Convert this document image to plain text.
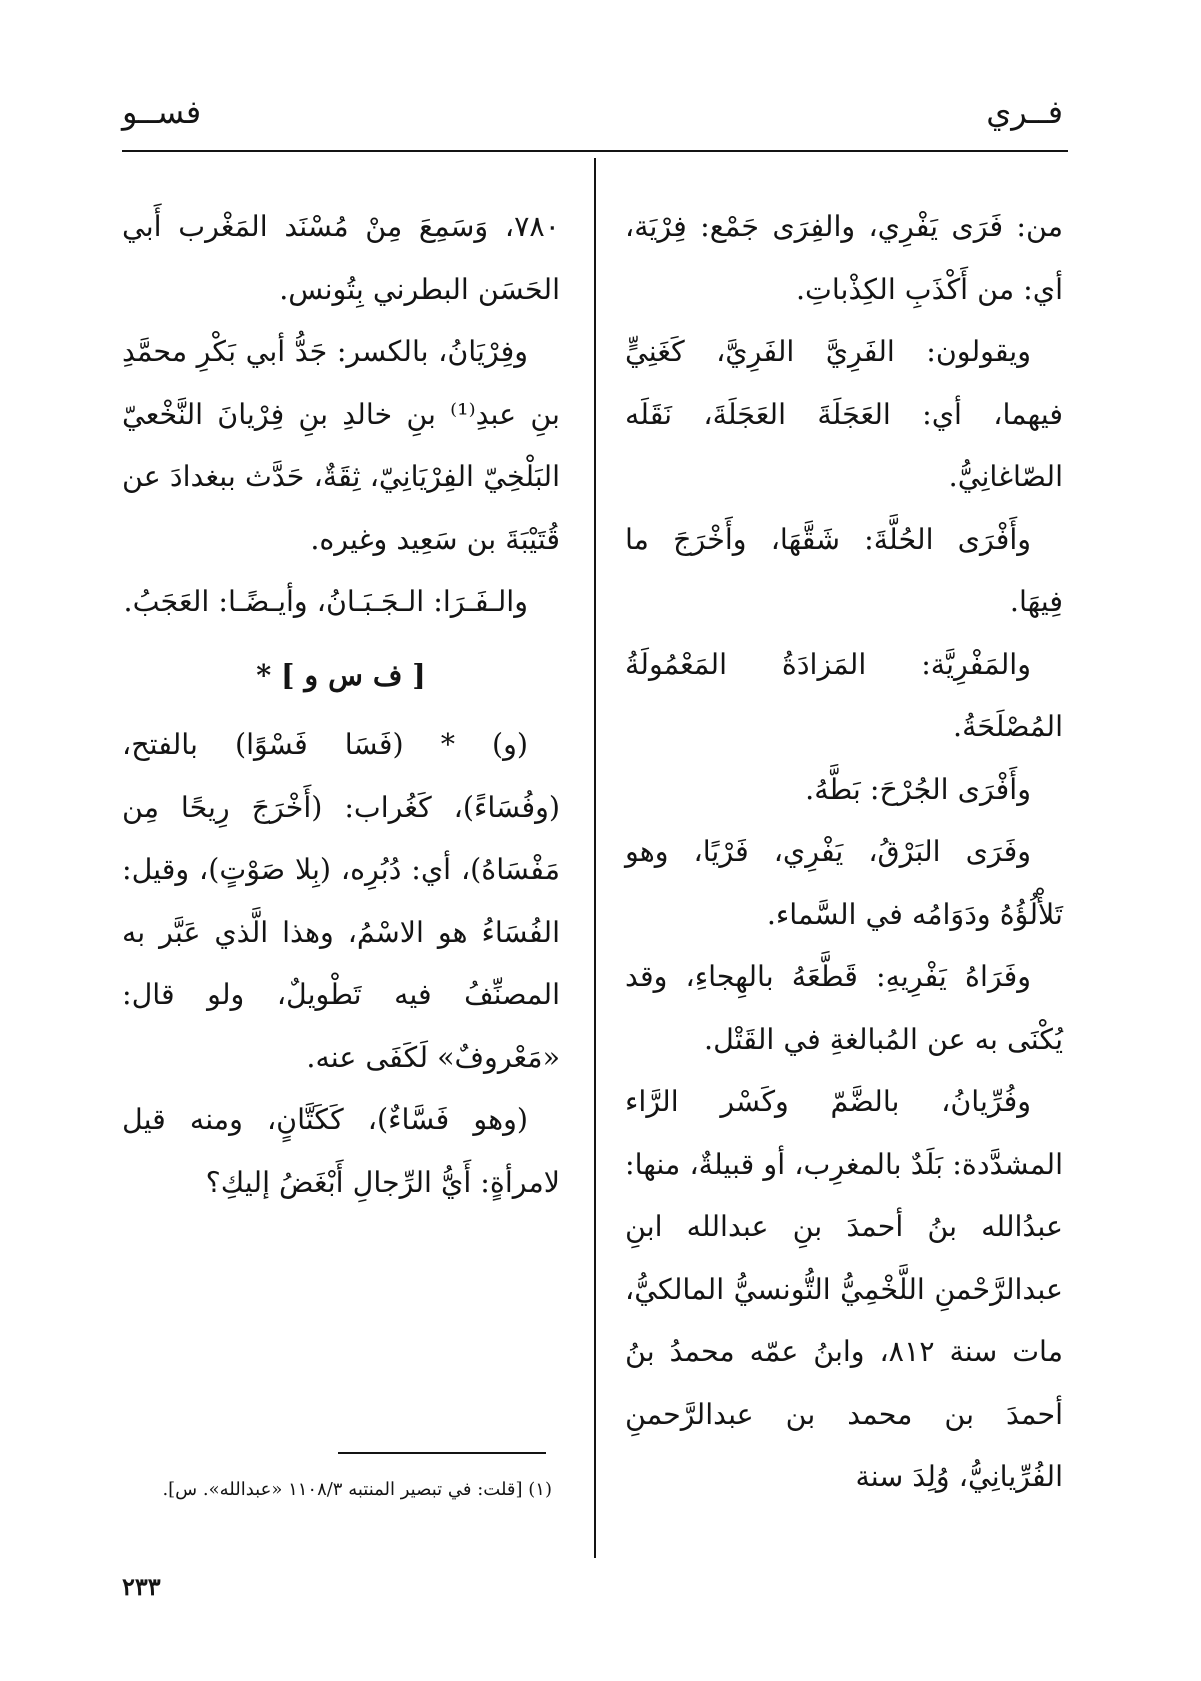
فــري
فســو

من: فَرَى يَفْرِي، والفِرَى جَمْع: فِرْيَة، أي: من أَكْذَبِ الكِذْباتِ.

ويقولون: الفَرِيَّ الفَرِيَّ، كَغَنِيٍّ فيهما، أي: العَجَلَةَ العَجَلَةَ، نَقَلَه الصّاغانِيُّ.

وأَفْرَى الحُلَّةَ: شَقَّهَا، وأَخْرَجَ ما فِيهَا.

والمَفْرِيَّة: المَزادَةُ المَعْمُولَةُ المُصْلَحَةُ.

وأَفْرَى الجُرْحَ: بَطَّهُ.

وفَرَى البَرْقُ، يَفْرِي، فَرْيًا، وهو تَلأْلُؤُهُ ودَوَامُه في السَّماء.

وفَرَاهُ يَفْرِيهِ: قَطَّعَهُ بالهِجاءِ، وقد يُكْنَى به عن المُبالغةِ في القَتْل.

وفُرِّيانُ، بالضَّمّ وكَسْر الرَّاء المشدَّدة: بَلَدٌ بالمغرِب، أو قبيلةٌ، منها: عبدُالله بنُ أحمدَ بنِ عبدالله ابنِ عبدالرَّحْمنِ اللَّخْمِيُّ التُّونسيُّ المالكيُّ، مات سنة ٨١٢، وابنُ عمّه محمدُ بنُ أحمدَ بن محمد بن عبدالرَّحمنِ الفُرِّيانِيُّ، وُلِدَ سنة

٧٨٠، وَسَمِعَ مِنْ مُسْنَد المَغْرب أَبي الحَسَن البطرني بِتُونس.

وفِرْيَانُ، بالكسر: جَدُّ أبي بَكْرِ محمَّدِ بنِ عبدِ⁽¹⁾ بنِ خالدِ بنِ فِرْيانَ النَّخْعيّ البَلْخِيّ الفِرْيَانِيّ، ثِقَةٌ، حَدَّث ببغدادَ عن قُتَيْبَةَ بن سَعِيد وغيره.

والـفَـرَا: الـجَـبَـانُ، وأيـضًـا: العَجَبُ.

[ ف س و ] *

(و) * (فَسَا فَسْوًا) بالفتح، (وفُسَاءً)، كَغُراب: (أَخْرَجَ رِيحًا مِن مَفْسَاهُ)، أي: دُبُرِه، (بِلا صَوْتٍ)، وقيل: الفُسَاءُ هو الاسْمُ، وهذا الَّذي عَبَّر به المصنِّفُ فيه تَطْويلٌ، ولو قال: «مَعْروفٌ» لَكَفَى عنه.

(وهو فَسَّاءٌ)، كَكَتَّانٍ، ومنه قيل لامرأةٍ: أَيُّ الرِّجالِ أَبْغَضُ إليكِ؟

(١) [قلت: في تبصير المنتبه ١١٠٨/٣ «عبدالله». س].
٢٣٣
